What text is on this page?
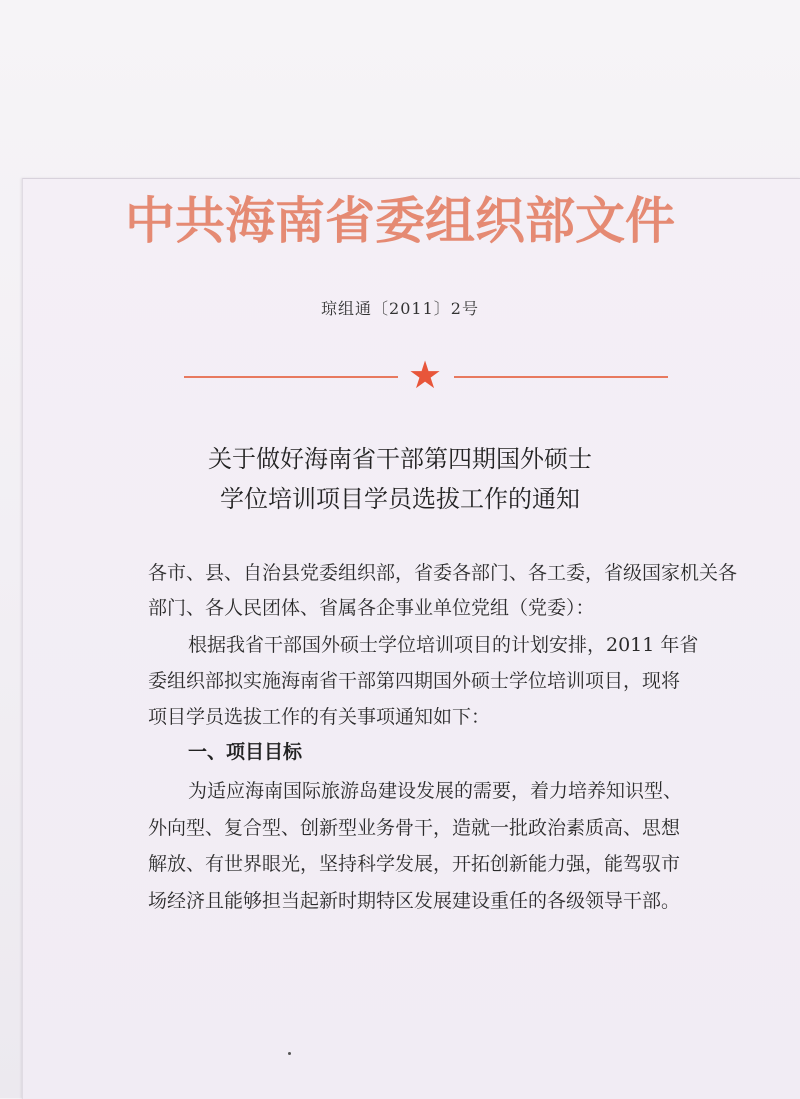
中共海南省委组织部文件
琼组通〔2011〕2号
★
关于做好海南省干部第四期国外硕士
学位培训项目学员选拔工作的通知
各市、县、自治县党委组织部，省委各部门、各工委，省级国家机关各
部门、各人民团体、省属各企事业单位党组（党委）：
根据我省干部国外硕士学位培训项目的计划安排，2011 年省
委组织部拟实施海南省干部第四期国外硕士学位培训项目，现将
项目学员选拔工作的有关事项通知如下：
一、项目目标
为适应海南国际旅游岛建设发展的需要，着力培养知识型、
外向型、复合型、创新型业务骨干，造就一批政治素质高、思想
解放、有世界眼光，坚持科学发展，开拓创新能力强，能驾驭市
场经济且能够担当起新时期特区发展建设重任的各级领导干部。
